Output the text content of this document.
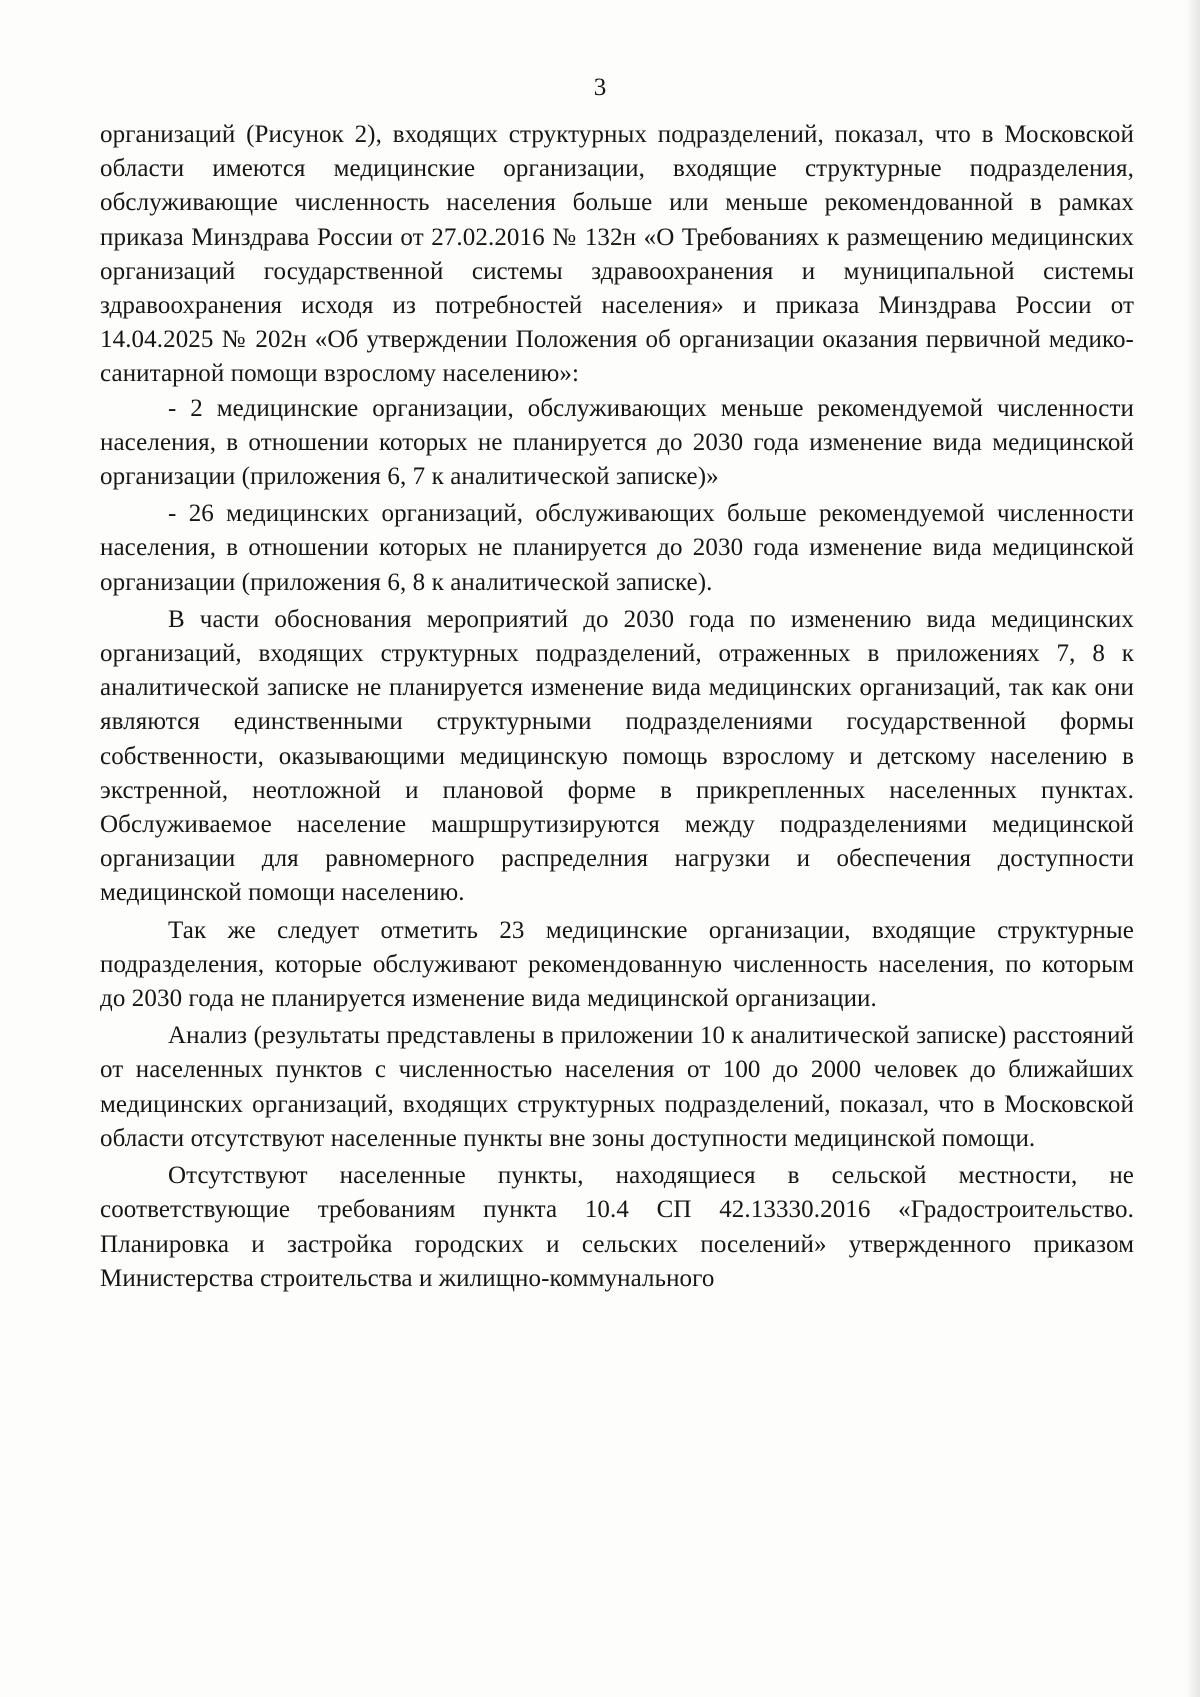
3

организаций (Рисунок 2), входящих структурных подразделений, показал, что в Московской области имеются медицинские организации, входящие структурные подразделения, обслуживающие численность населения больше или меньше рекомендованной в рамках приказа Минздрава России от 27.02.2016 № 132н «О Требованиях к размещению медицинских организаций государственной системы здравоохранения и муниципальной системы здравоохранения исходя из потребностей населения» и приказа Минздрава России от 14.04.2025 № 202н «Об утверждении Положения об организации оказания первичной медико-санитарной помощи взрослому населению»:

- 2 медицинские организации, обслуживающих меньше рекомендуемой численности населения, в отношении которых не планируется до 2030 года изменение вида медицинской организации (приложения 6, 7 к аналитической записке)»

- 26 медицинских организаций, обслуживающих больше рекомендуемой численности населения, в отношении которых не планируется до 2030 года изменение вида медицинской организации (приложения 6, 8 к аналитической записке).

В части обоснования мероприятий до 2030 года по изменению вида медицинских организаций, входящих структурных подразделений, отраженных в приложениях 7, 8 к аналитической записке не планируется изменение вида медицинских организаций, так как они являются единственными структурными подразделениями государственной формы собственности, оказывающими медицинскую помощь взрослому и детскому населению в экстренной, неотложной и плановой форме в прикрепленных населенных пунктах. Обслуживаемое население машршрутизируются между подразделениями медицинской организации для равномерного распределния нагрузки и обеспечения доступности медицинской помощи населению.

Так же следует отметить 23 медицинские организации, входящие структурные подразделения, которые обслуживают рекомендованную численность населения, по которым до 2030 года не планируется изменение вида медицинской организации.

Анализ (результаты представлены в приложении 10 к аналитической записке) расстояний от населенных пунктов с численностью населения от 100 до 2000 человек до ближайших медицинских организаций, входящих структурных подразделений, показал, что в Московской области отсутствуют населенные пункты вне зоны доступности медицинской помощи.

Отсутствуют населенные пункты, находящиеся в сельской местности, не соответствующие требованиям пункта 10.4 СП 42.13330.2016 «Градостроительство. Планировка и застройка городских и сельских поселений» утвержденного приказом Министерства строительства и жилищно-коммунального
